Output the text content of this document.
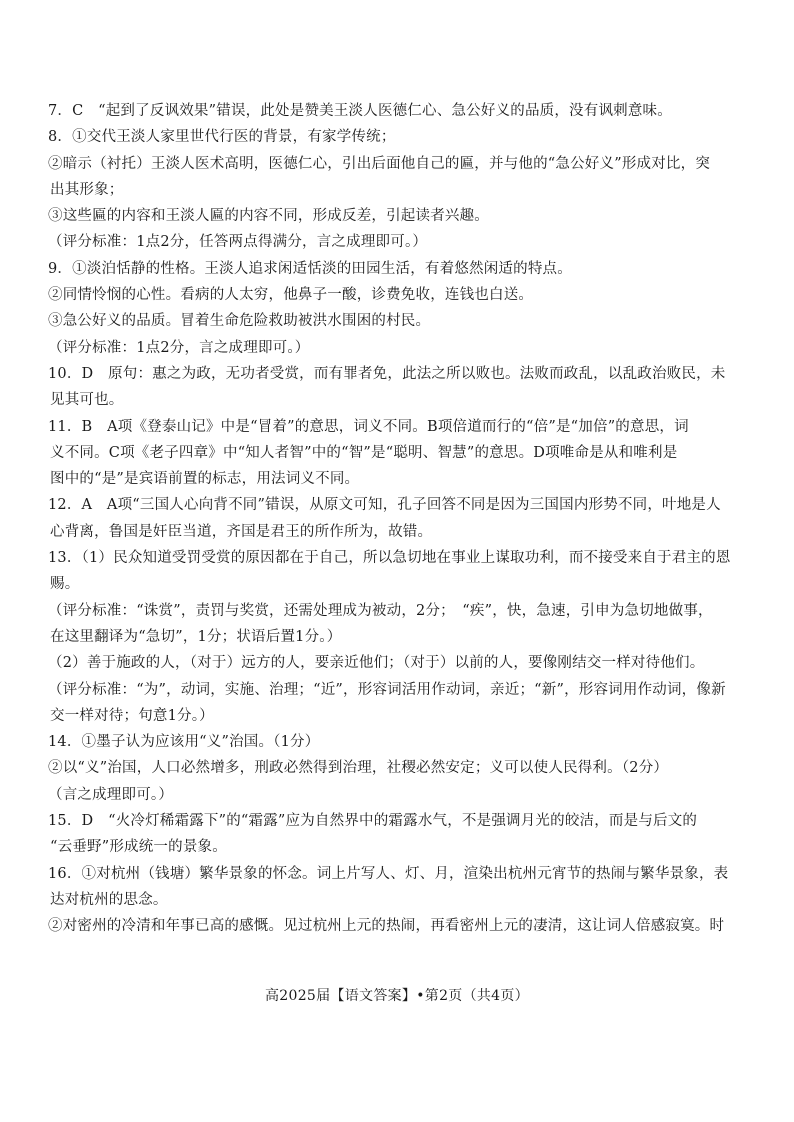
7．C　“起到了反讽效果”错误，此处是赞美王淡人医德仁心、急公好义的品质，没有讽刺意味。
8．①交代王淡人家里世代行医的背景，有家学传统；
②暗示（衬托）王淡人医术高明，医德仁心，引出后面他自己的匾，并与他的“急公好义”形成对比，突
出其形象；
③这些匾的内容和王淡人匾的内容不同，形成反差，引起读者兴趣。
（评分标准：1点2分，任答两点得满分，言之成理即可。）
9．①淡泊恬静的性格。王淡人追求闲适恬淡的田园生活，有着悠然闲适的特点。
②同情怜悯的心性。看病的人太穷，他鼻子一酸，诊费免收，连钱也白送。
③急公好义的品质。冒着生命危险救助被洪水围困的村民。
（评分标准：1点2分，言之成理即可。）
10．D　原句：惠之为政，无功者受赏，而有罪者免，此法之所以败也。法败而政乱，以乱政治败民，未
见其可也。
11．B　A项《登泰山记》中是“冒着”的意思，词义不同。B项倍道而行的“倍”是“加倍”的意思，词
义不同。C项《老子四章》中“知人者智”中的“智”是“聪明、智慧”的意思。D项唯命是从和唯利是
图中的“是”是宾语前置的标志，用法词义不同。
12．A　A项“三国人心向背不同”错误，从原文可知，孔子回答不同是因为三国国内形势不同，叶地是人
心背离，鲁国是奸臣当道，齐国是君王的所作所为，故错。
13．（1）民众知道受罚受赏的原因都在于自己，所以急切地在事业上谋取功利，而不接受来自于君主的恩
赐。
（评分标准：“诛赏”，责罚与奖赏，还需处理成为被动，2分；　“疾”，快，急速，引申为急切地做事，
在这里翻译为“急切”，1分；状语后置1分。）
（2）善于施政的人，（对于）远方的人，要亲近他们；（对于）以前的人，要像刚结交一样对待他们。
（评分标准：“为”，动词，实施、治理；“近”，形容词活用作动词，亲近；“新”，形容词用作动词，像新
交一样对待；句意1分。）
14．①墨子认为应该用“义”治国。（1分）
②以“义”治国，人口必然增多，刑政必然得到治理，社稷必然安定；义可以使人民得利。（2分）
（言之成理即可。）
15．D　“火冷灯稀霜露下”的“霜露”应为自然界中的霜露水气，不是强调月光的皎洁，而是与后文的
“云垂野”形成统一的景象。
16．①对杭州（钱塘）繁华景象的怀念。词上片写人、灯、月，渲染出杭州元宵节的热闹与繁华景象，表
达对杭州的思念。
②对密州的冷清和年事已高的感慨。见过杭州上元的热闹，再看密州上元的凄清，这让词人倍感寂寞。时
高2025届【语文答案】•第2页（共4页）
